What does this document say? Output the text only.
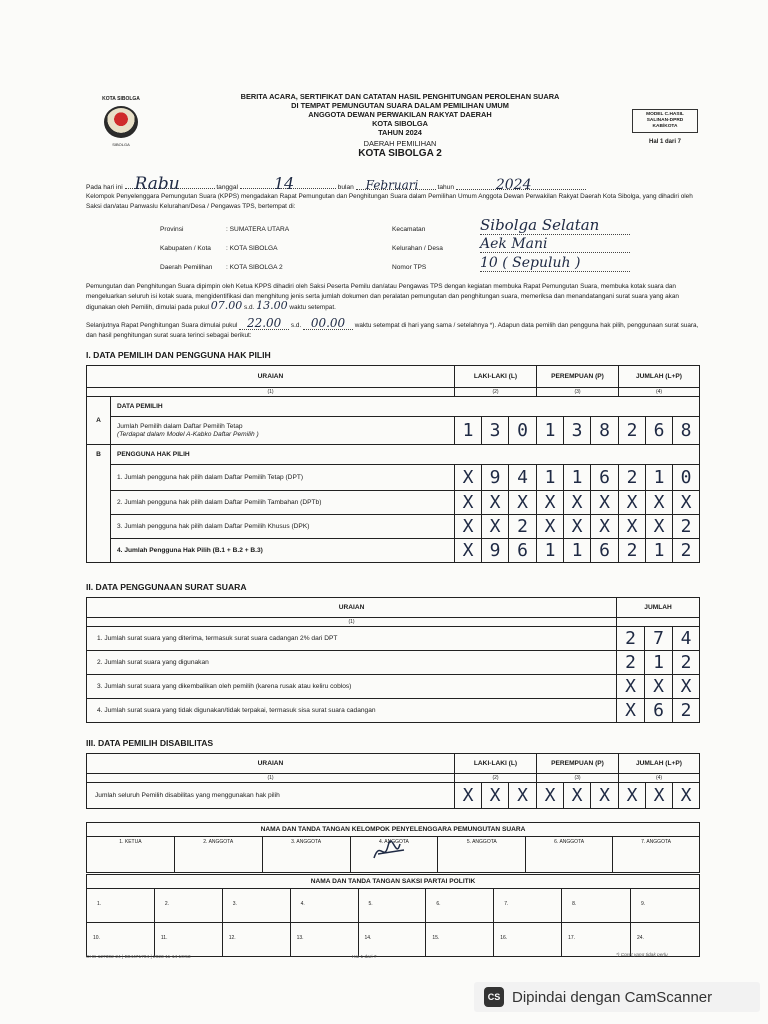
KOTA SIBOLGA
SIBOLGA
BERITA ACARA, SERTIFIKAT DAN CATATAN HASIL PENGHITUNGAN PEROLEHAN SUARA
DI TEMPAT PEMUNGUTAN SUARA DALAM PEMILIHAN UMUM
ANGGOTA DEWAN PERWAKILAN RAKYAT DAERAH
KOTA SIBOLGA
TAHUN 2024
DAERAH PEMILIHAN
KOTA SIBOLGA 2
MODEL C.HASIL
SALINAN-DPRD
KAB/KOTA
Hal 1 dari 7
Pada hari ini Rabu	tanggal 14	bulan Februari	tahun	2024
Kelompok Penyelenggara Pemungutan Suara (KPPS) mengadakan Rapat Pemungutan dan Penghitungan Suara dalam Pemilihan Umum Anggota Dewan Perwakilan Rakyat Daerah Kota Sibolga, yang dihadiri oleh Saksi dan/atau Panwaslu Kelurahan/Desa / Pengawas TPS, bertempat di:
Provinsi	: SUMATERA UTARA
Kabupaten / Kota : KOTA SIBOLGA
Daerah Pemilihan : KOTA SIBOLGA 2
Kecamatan	Sibolga Selatan
Kelurahan / Desa	Aek Mani
Nomor TPS	10 ( Sepuluh )
Pemungutan dan Penghitungan Suara dipimpin oleh Ketua KPPS dihadiri oleh Saksi Peserta Pemilu dan/atau Pengawas TPS dengan kegiatan membuka Rapat Pemungutan Suara, membuka kotak suara dan mengeluarkan seluruh isi kotak suara, mengidentifikasi dan menghitung jenis serta jumlah dokumen dan peralatan pemungutan dan penghitungan suara, memeriksa dan menandatangani surat suara yang akan digunakan oleh Pemilih, dimulai pada pukul 07.00 s.d. 13.00 waktu setempat.
Selanjutnya Rapat Penghitungan Suara dimulai pukul 22.00 s.d. 00.00 waktu setempat di hari yang sama / setelahnya *). Adapun data pemilih dan pengguna hak pilih, penggunaan surat suara, dan hasil penghitungan surat suara terinci sebagai berikut:
I. DATA PEMILIH DAN PENGGUNA HAK PILIH
URAIAN		LAKI-LAKI (L)			PEREMPUAN (P)			JUMLAH (L+P)		
(1)		(2)			(3)			(4)		
A	DATA PEMILIH									

	Jumlah Pemilih dalam Daftar Pemilih Tetap
(Terdapat dalam Model A-Kabko Daftar Pemilih )	1	3	0	1	3	8	2	6	8
B	PENGGUNA HAK PILIH									
	1. Jumlah pengguna hak pilih dalam Daftar Pemilih Tetap (DPT)	X	9	4	1	1	6	2	1	0
	2. Jumlah pengguna hak pilih dalam Daftar Pemilih Tambahan (DPTb)	X	X	X	X	X	X	X	X	X
	3. Jumlah pengguna hak pilih dalam Daftar Pemilih Khusus (DPK)	X	X	2	X	X	X	X	X	2
	4. Jumlah Pengguna Hak Pilih (B.1 + B.2 + B.3)	X	9	6	1	1	6	2	1	2
II. DATA PENGGUNAAN SURAT SUARA
URAIAN	JUMLAH		
(1)			
1. Jumlah surat suara yang diterima, termasuk surat suara cadangan 2% dari DPT	2	7	4
2. Jumlah surat suara yang digunakan	2	1	2
3. Jumlah surat suara yang dikembalikan oleh pemilih (karena rusak atau keliru coblos)	X	X	X
4. Jumlah surat suara yang tidak digunakan/tidak terpakai, termasuk sisa surat suara cadangan	X	6	2
III. DATA PEMILIH DISABILITAS
URAIAN	LAKI-LAKI (L)			PEREMPUAN (P)			JUMLAH (L+P)		
(1)	(2)			(3)			(4)		
Jumlah seluruh Pemilih disabilitas yang menggunakan hak pilih	X	X	X	X	X	X	X	X	X
NAMA DAN TANDA TANGAN KELOMPOK PENYELENGGARA PEMUNGUTAN SUARA
1. KETUA	2. ANGGOTA	3. ANGGOTA	4. ANGGOTA	5. ANGGOTA	6. ANGGOTA	7. ANGGOTA
NAMA DAN TANDA TANGAN SAKSI PARTAI POLITIK								
1.	2.	3.	4.	5.	6.	7.	8.	9.
10.	11.	12.	13.	14.	15.	16.	17.	24.
CHS-127302-24 | B04471704 | 2023-11-14 10:53	Hal 1 dari 7	*) Coret yang tidak perlu
CS Dipindai dengan CamScanner
